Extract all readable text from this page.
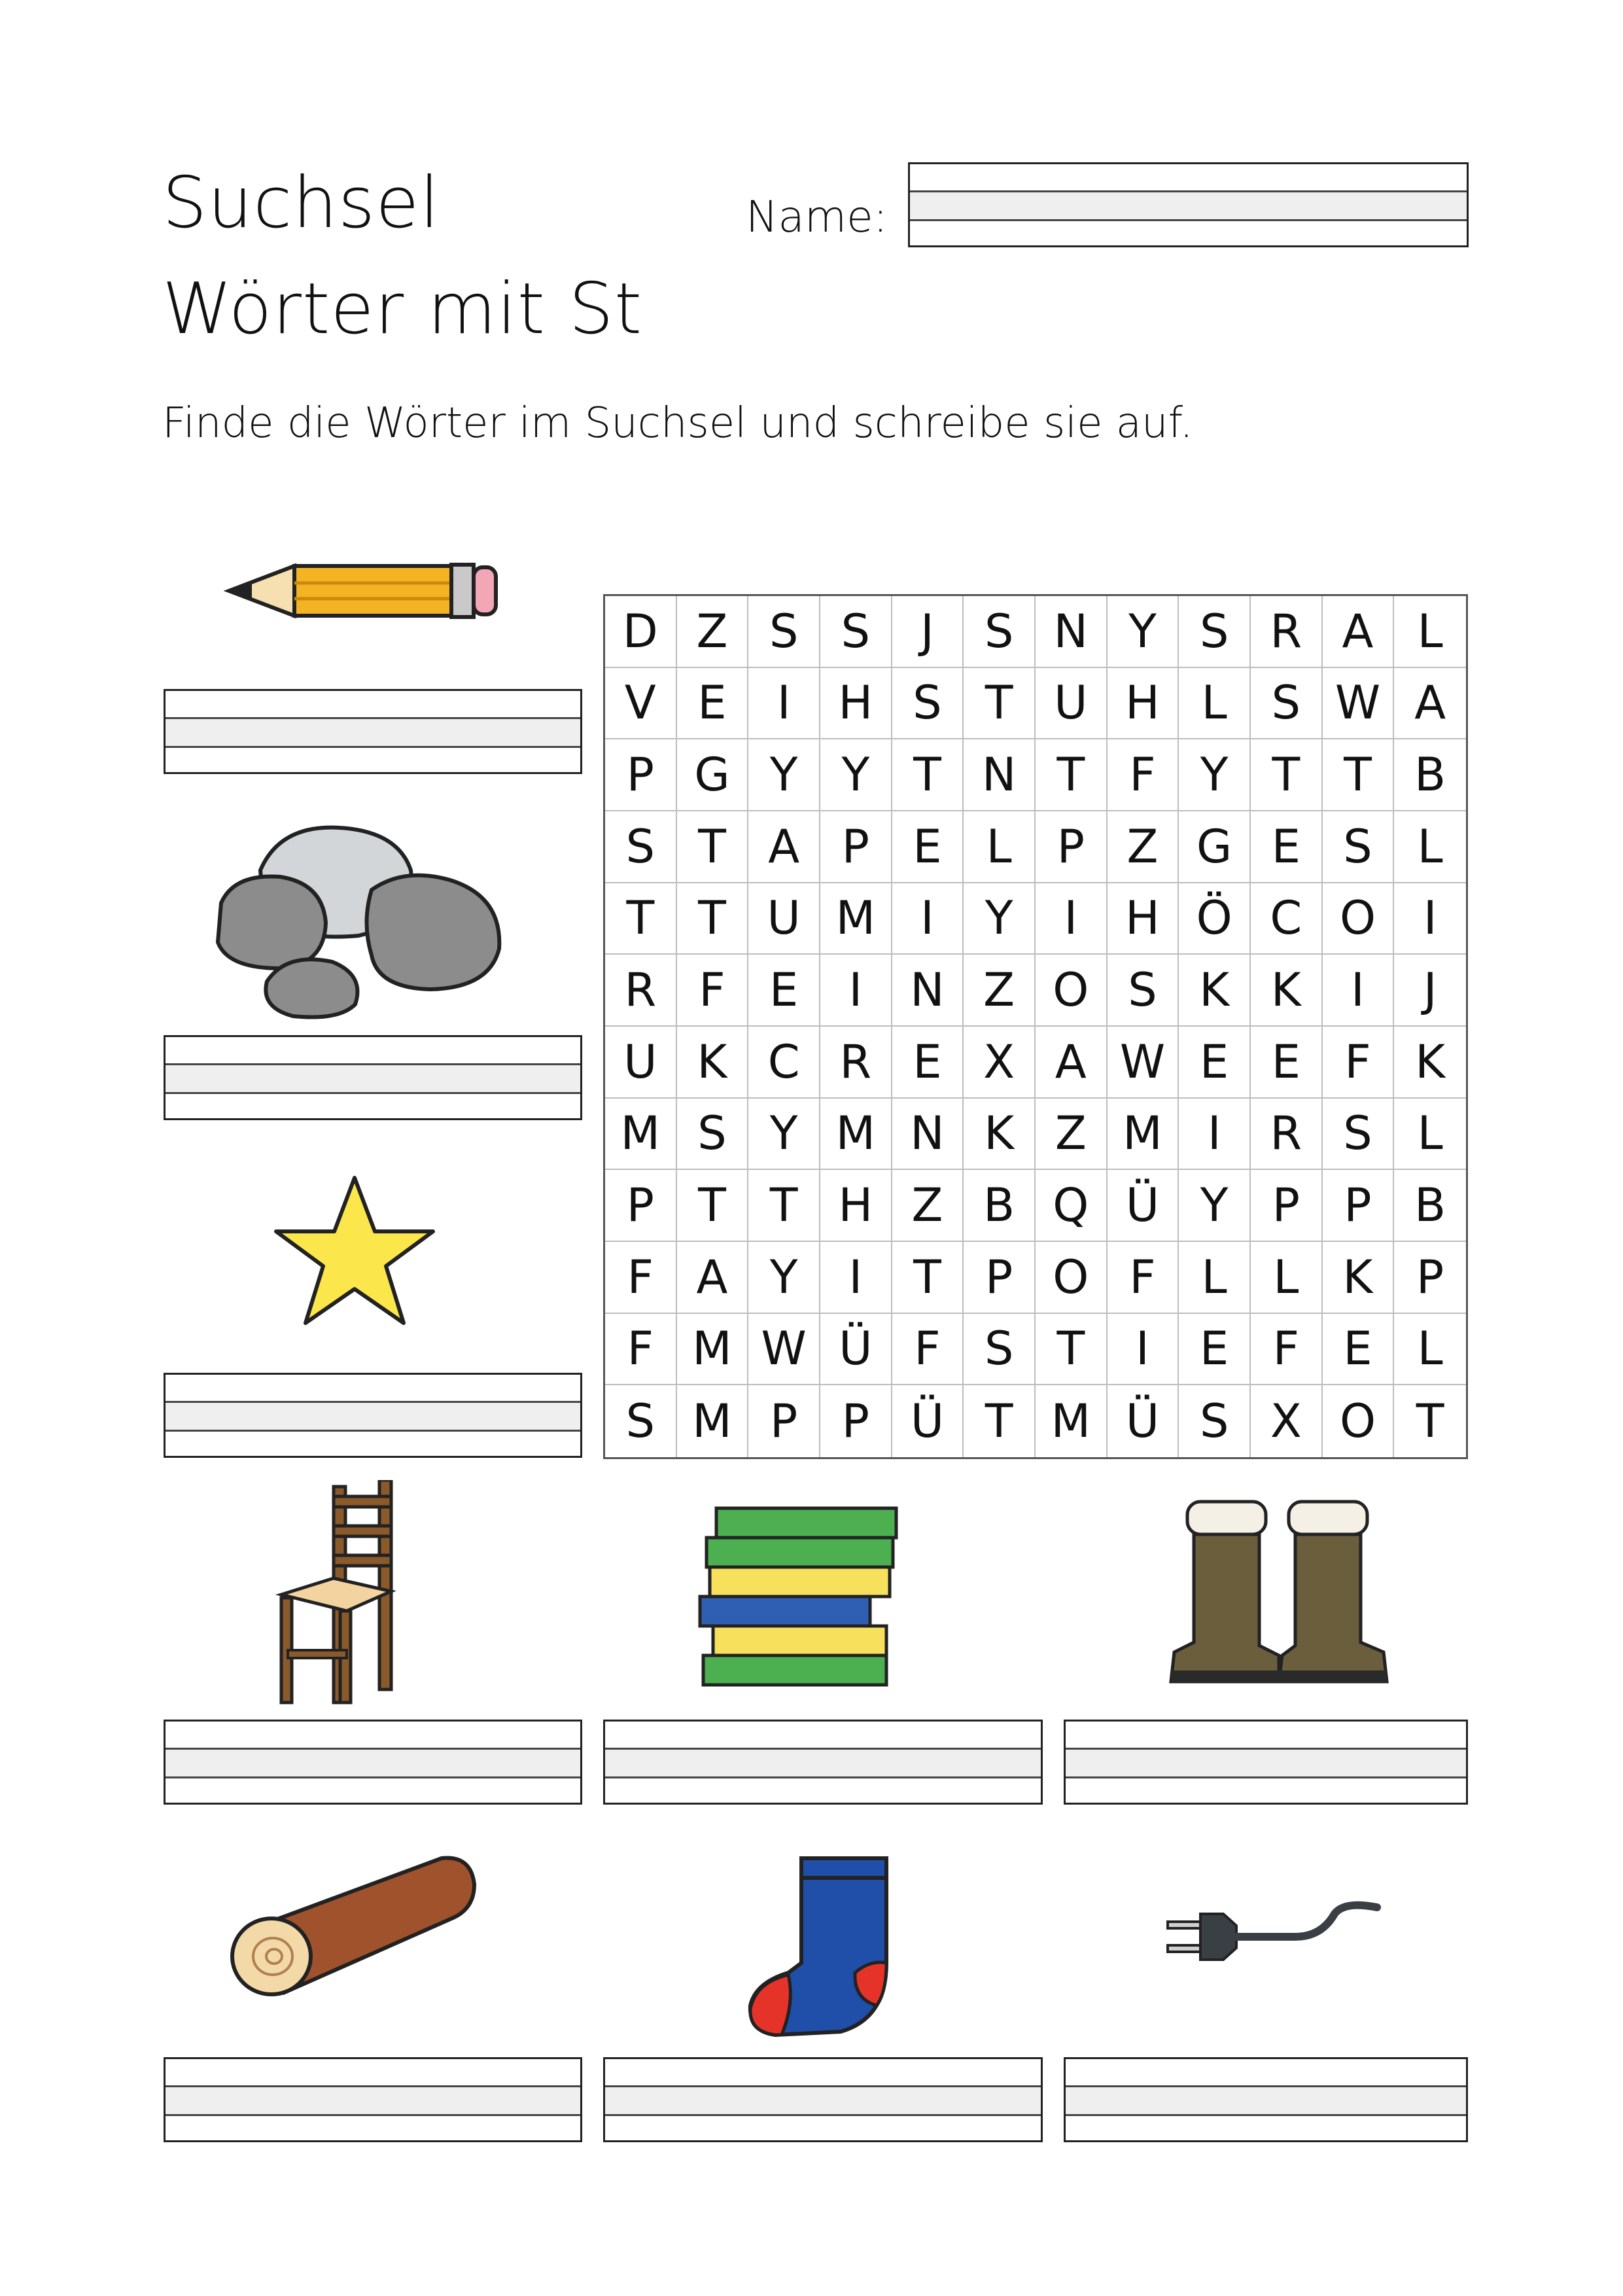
Suchsel
Wörter mit St
Name:
Finde die Wörter im Suchsel und schreibe sie auf.
D Z S S	J	S N Y S R A L
V E	I	H S T U H L S W A
P G Y Y T N T F Y T T B
S T A P E L P Z G E S L
T T U M I	Y	I	H Ö C O	I
R F E	I	N Z O S K K	I	J
U K C R E X A W E E F K
M S Y M N K Z M I	R S L
P T T H Z B Q Ü Y P P B
F A Y	I	T P O F	L	L K P
F M W Ü F S T	I	E F E L
S M P P Ü T M Ü S X O T
